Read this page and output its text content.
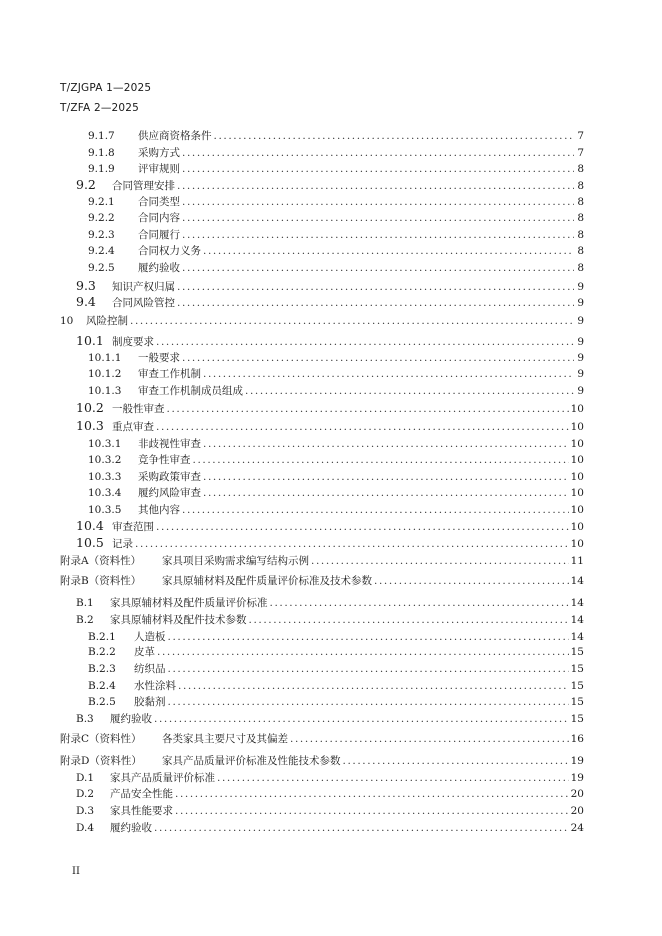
T/ZJGPA 1—2025
T/ZFA 2—2025
9.1.7	供应商资格条件 .....	7
9.1.8	采购方式 .....	7
9.1.9	评审规则 .....	8
9.2	合同管理安排 .....	8
9.2.1	合同类型 .....	8
9.2.2	合同内容 .....	8
9.2.3	合同履行 .....	8
9.2.4	合同权力义务 .....	8
9.2.5	履约验收 .....	8
9.3	知识产权归属 .....	9
9.4	合同风险管控 .....	9
10	风险控制 .....	9
10.1 制度要求 .....	9
10.1.1	一般要求 .....	9
10.1.2	审查工作机制 .....	9
10.1.3	审查工作机制成员组成 .....	9
10.2 一般性审查 .....	10
10.3 重点审查 .....	10
10.3.1	非歧视性审查 .....	10
10.3.2	竞争性审查 .....	10
10.3.3	采购政策审查 .....	10
10.3.4	履约风险审查 .....	10
10.3.5	其他内容 .....	10
10.4 审查范围 .....	10
10.5 记录 .....	10
附录A（资料性）	家具项目采购需求编写结构示例 .....	11
附录B（资料性）	家具原辅材料及配件质量评价标准及技术参数 .....	14
B.1	家具原辅材料及配件质量评价标准 .....	14
B.2	家具原辅材料及配件技术参数 .....	14
B.2.1	人造板 .....	14
B.2.2	皮革 .....	15
B.2.3	纺织品 .....	15
B.2.4	水性涂料 .....	15
B.2.5	胶黏剂 .....	15
B.3	履约验收 .....	15
附录C（资料性）	各类家具主要尺寸及其偏差 .....	16
附录D（资料性）	家具产品质量评价标准及性能技术参数 .....	19
D.1	家具产品质量评价标准 .....	19
D.2	产品安全性能 .....	20
D.3	家具性能要求 .....	20
D.4	履约验收 .....	24
II
